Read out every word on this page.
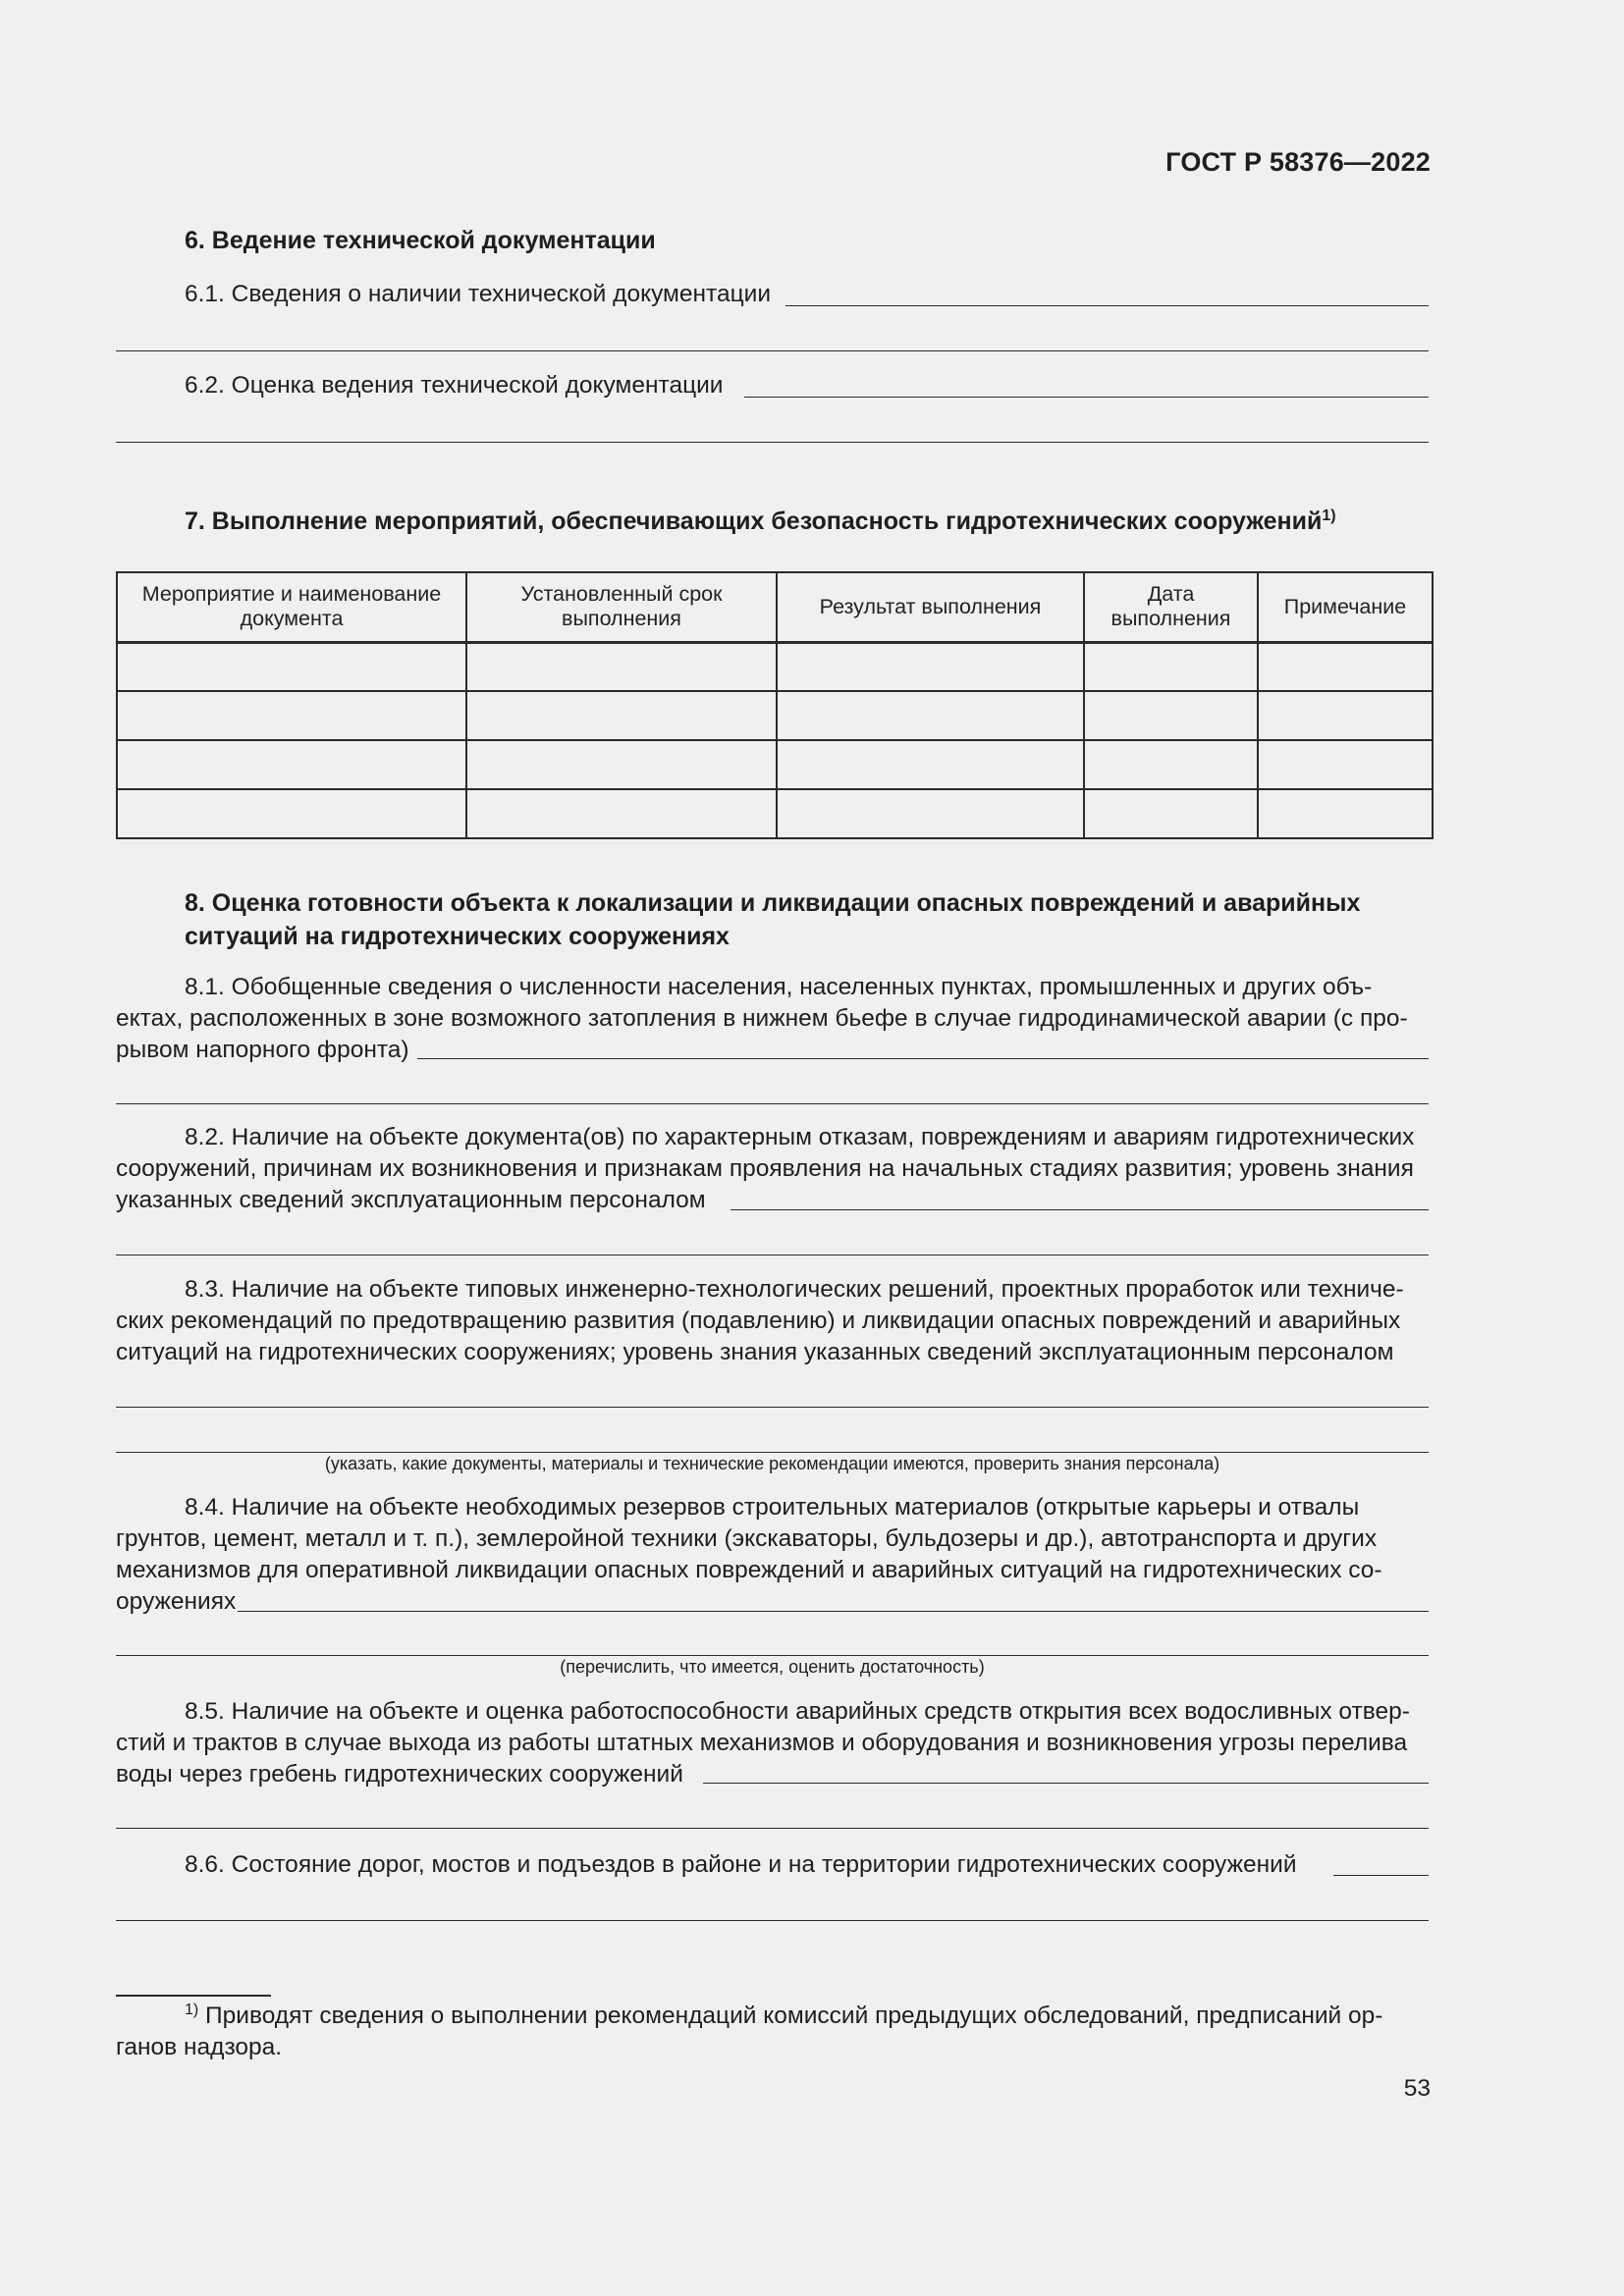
ГОСТ Р 58376—2022
6. Ведение технической документации
6.1. Сведения о наличии технической документации
6.2. Оценка ведения технической документации
7. Выполнение мероприятий, обеспечивающих безопасность гидротехнических сооружений$^{1)}$
Мероприятие и наименование документа	Установленный срок выполнения	Результат выполнения	Дата выполнения	Примечание

8. Оценка готовности объекта к локализации и ликвидации опасных повреждений и аварийных ситуаций на гидротехнических сооружениях
8.1. Обобщенные сведения о численности населения, населенных пунктах, промышленных и других объ-
ектах, расположенных в зоне возможного затопления в нижнем бьефе в случае гидродинамической аварии (с про-
рывом напорного фронта)
8.2. Наличие на объекте документа(ов) по характерным отказам, повреждениям и авариям гидротехнических
сооружений, причинам их возникновения и признакам проявления на начальных стадиях развития; уровень знания
указанных сведений эксплуатационным персоналом
8.3. Наличие на объекте типовых инженерно-технологических решений, проектных проработок или техниче-
ских рекомендаций по предотвращению развития (подавлению) и ликвидации опасных повреждений и аварийных
ситуаций на гидротехнических сооружениях; уровень знания указанных сведений эксплуатационным персоналом
(указать, какие документы, материалы и технические рекомендации имеются, проверить знания персонала)
8.4. Наличие на объекте необходимых резервов строительных материалов (открытые карьеры и отвалы
грунтов, цемент, металл и т. п.), землеройной техники (экскаваторы, бульдозеры и др.), автотранспорта и других
механизмов для оперативной ликвидации опасных повреждений и аварийных ситуаций на гидротехнических со-
оружениях
(перечислить, что имеется, оценить достаточность)
8.5. Наличие на объекте и оценка работоспособности аварийных средств открытия всех водосливных отвер-
стий и трактов в случае выхода из работы штатных механизмов и оборудования и возникновения угрозы перелива
воды через гребень гидротехнических сооружений
8.6. Состояние дорог, мостов и подъездов в районе и на территории гидротехнических сооружений
$^{1)}$ Приводят сведения о выполнении рекомендаций комиссий предыдущих обследований, предписаний ор-
ганов надзора.
53
